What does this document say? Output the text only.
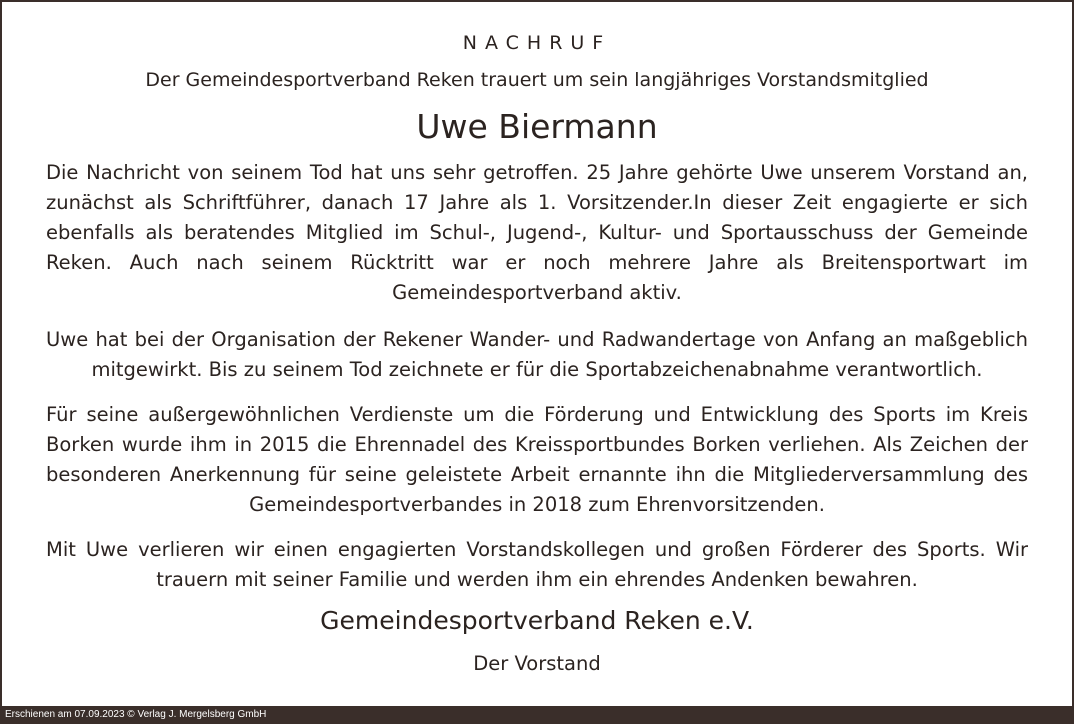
NACHRUF
Der Gemeindesportverband Reken trauert um sein langjähriges Vorstandsmitglied
Uwe Biermann
Die Nachricht von seinem Tod hat uns sehr getroffen. 25 Jahre gehörte Uwe unserem Vorstand an, zunächst als Schriftführer, danach 17 Jahre als 1. Vorsitzender.In dieser Zeit engagierte er sich ebenfalls als beratendes Mitglied im Schul-, Jugend-, Kultur- und Sportausschuss der Gemeinde Reken. Auch nach seinem Rücktritt war er noch mehrere Jahre als Breitensportwart im Gemeindesportverband aktiv.
Uwe hat bei der Organisation der Rekener Wander- und Radwandertage von Anfang an maßgeblich mitgewirkt. Bis zu seinem Tod zeichnete er für die Sportabzeichenabnahme verantwortlich.
Für seine außergewöhnlichen Verdienste um die Förderung und Entwicklung des Sports im Kreis Borken wurde ihm in 2015 die Ehrennadel des Kreissportbundes Borken verliehen. Als Zeichen der besonderen Anerkennung für seine geleistete Arbeit ernannte ihn die Mitgliederversammlung des Gemeindesportverbandes in 2018 zum Ehrenvorsitzenden.
Mit Uwe verlieren wir einen engagierten Vorstandskollegen und großen Förderer des Sports. Wir trauern mit seiner Familie und werden ihm ein ehrendes Andenken bewahren.
Gemeindesportverband Reken e.V.
Der Vorstand
Erschienen am 07.09.2023 © Verlag J. Mergelsberg GmbH
